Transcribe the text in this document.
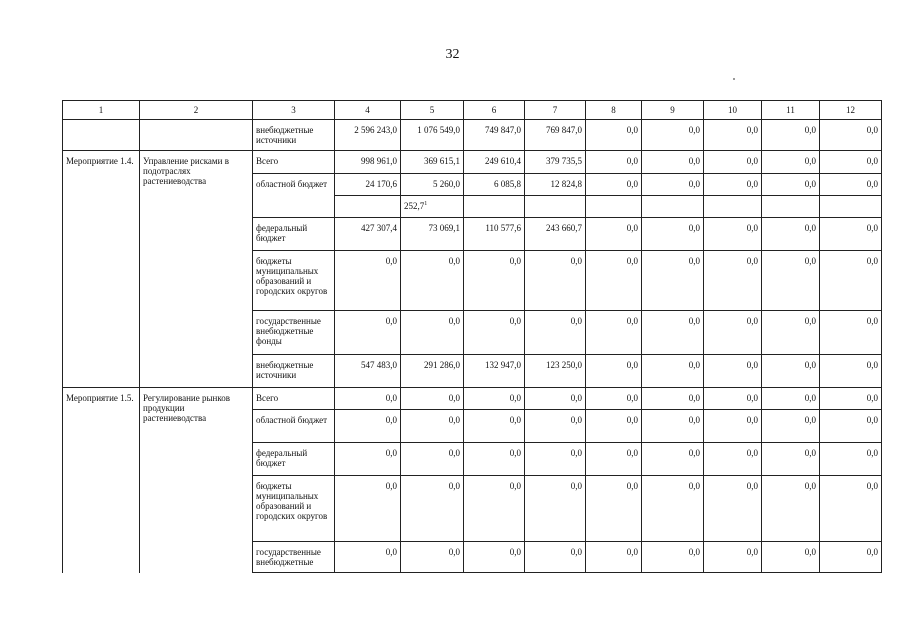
32
1	2	3	4	5	6	7	8	9	10	11	12
		внебюджетные источники	2 596 243,0	1 076 549,0	749 847,0	769 847,0	0,0	0,0	0,0	0,0	0,0
Мероприятие 1.4.	Управление рисками в подотраслях растениеводства	Всего	998 961,0	369 615,1	249 610,4	379 735,5	0,0	0,0	0,0	0,0	0,0
		областной бюджет	24 170,6	5 260,0	6 085,8	12 824,8	0,0	0,0	0,0	0,0	0,0
				252,7$^1$							
		федеральный бюджет	427 307,4	73 069,1	110 577,6	243 660,7	0,0	0,0	0,0	0,0	0,0
		бюджеты муниципальных образований и городских округов	0,0	0,0	0,0	0,0	0,0	0,0	0,0	0,0	0,0
		государственные внебюджетные фонды	0,0	0,0	0,0	0,0	0,0	0,0	0,0	0,0	0,0
		внебюджетные источники	547 483,0	291 286,0	132 947,0	123 250,0	0,0	0,0	0,0	0,0	0,0
Мероприятие 1.5.	Регулирование рынков продукции растениеводства	Всего	0,0	0,0	0,0	0,0	0,0	0,0	0,0	0,0	0,0
		областной бюджет	0,0	0,0	0,0	0,0	0,0	0,0	0,0	0,0	0,0
		федеральный бюджет	0,0	0,0	0,0	0,0	0,0	0,0	0,0	0,0	0,0
		бюджеты муниципальных образований и городских округов	0,0	0,0	0,0	0,0	0,0	0,0	0,0	0,0	0,0
		государственные внебюджетные	0,0	0,0	0,0	0,0	0,0	0,0	0,0	0,0	0,0
